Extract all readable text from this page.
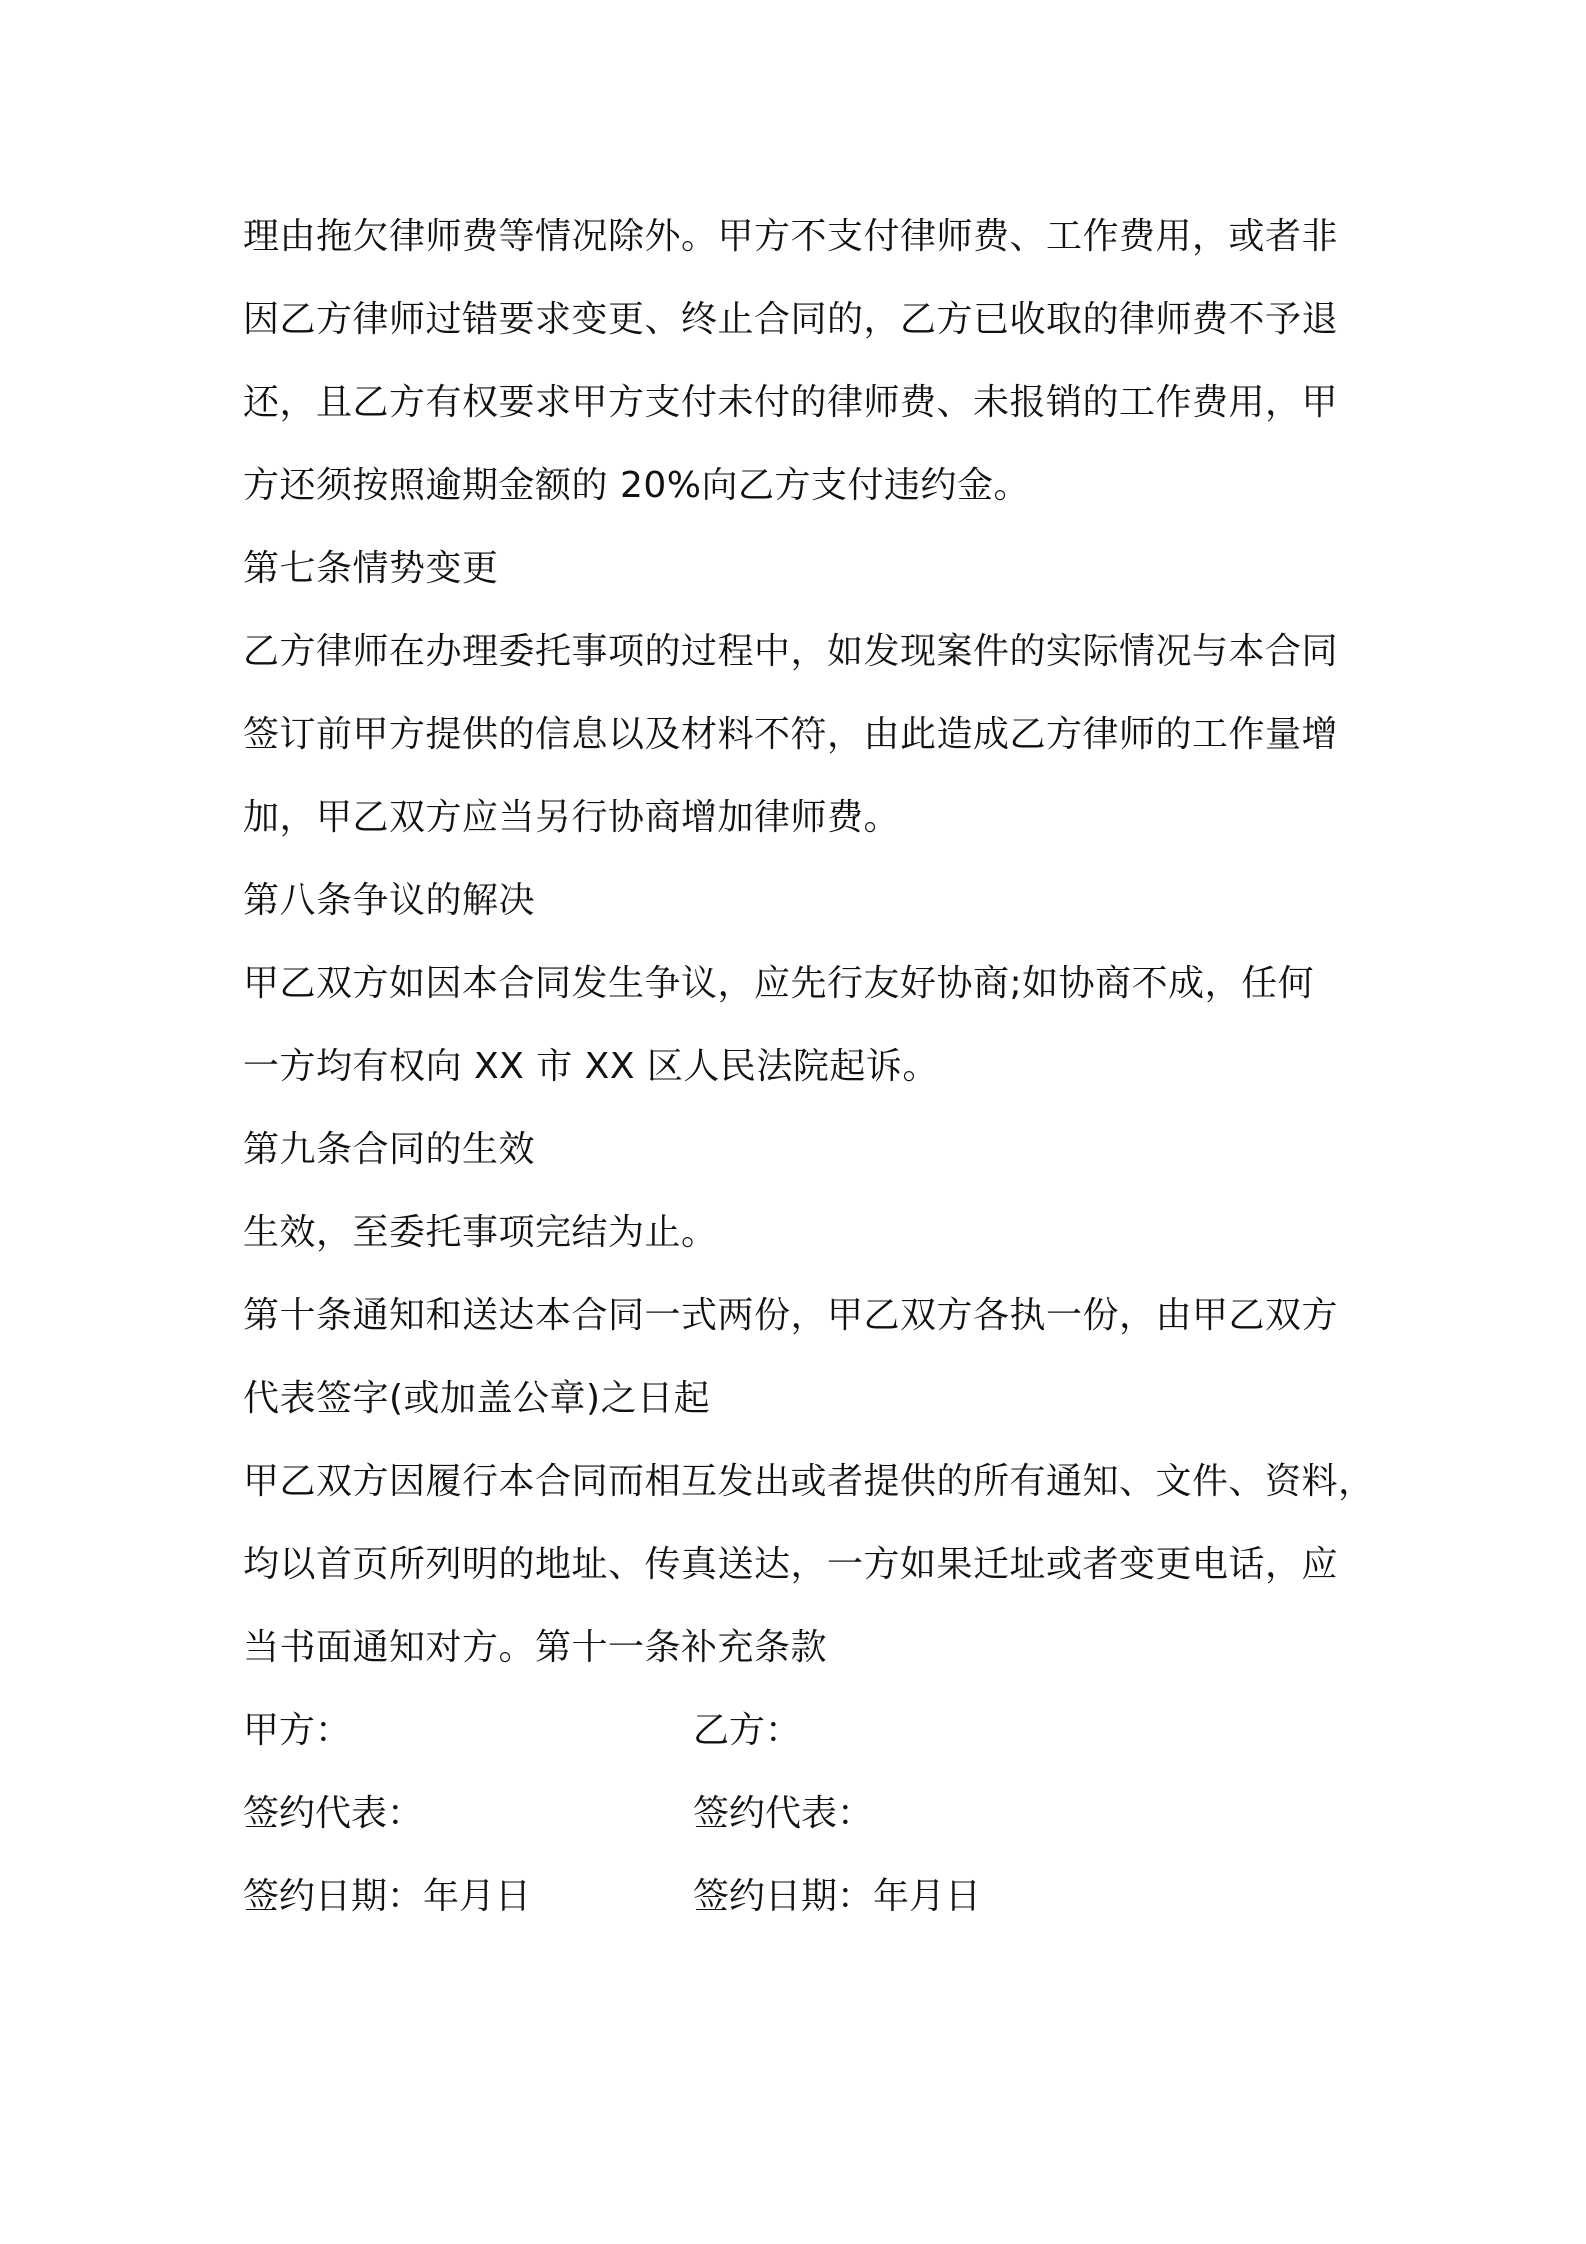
理由拖欠律师费等情况除外。甲方不支付律师费、工作费用，或者非
因乙方律师过错要求变更、终止合同的，乙方已收取的律师费不予退
还，且乙方有权要求甲方支付未付的律师费、未报销的工作费用，甲
方还须按照逾期金额的 20%向乙方支付违约金。
第七条情势变更
乙方律师在办理委托事项的过程中，如发现案件的实际情况与本合同
签订前甲方提供的信息以及材料不符，由此造成乙方律师的工作量增
加，甲乙双方应当另行协商增加律师费。
第八条争议的解决
甲乙双方如因本合同发生争议，应先行友好协商;如协商不成，任何
一方均有权向 XX 市 XX 区人民法院起诉。
第九条合同的生效
生效，至委托事项完结为止。
第十条通知和送达本合同一式两份，甲乙双方各执一份，由甲乙双方
代表签字(或加盖公章)之日起
甲乙双方因履行本合同而相互发出或者提供的所有通知、文件、资料，
均以首页所列明的地址、传真送达，一方如果迁址或者变更电话，应
当书面通知对方。第十一条补充条款
甲方：	乙方：
签约代表：	签约代表：
签约日期：年月日	签约日期：年月日
